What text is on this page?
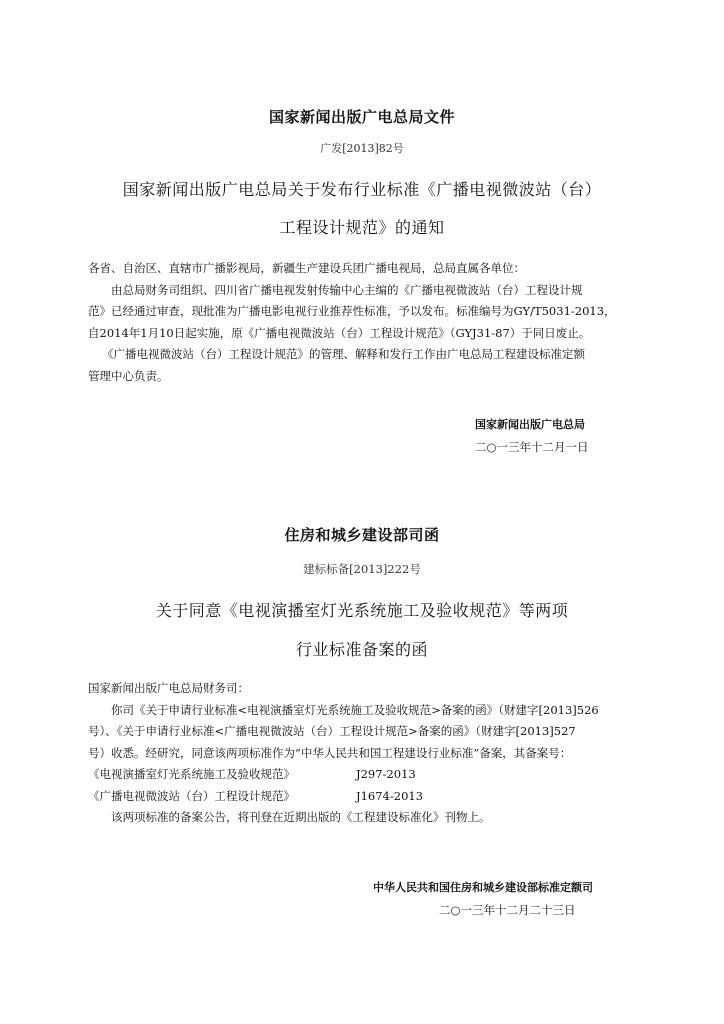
国家新闻出版广电总局文件
广发[2013]82号
国家新闻出版广电总局关于发布行业标准《广播电视微波站（台）
工程设计规范》的通知
各省、自治区、直辖市广播影视局，新疆生产建设兵团广播电视局，总局直属各单位：
由总局财务司组织、四川省广播电视发射传输中心主编的《广播电视微波站（台）工程设计规
范》已经通过审查，现批准为广播电影电视行业推荐性标准，予以发布。标准编号为GY/T5031-2013，
自2014年1月10日起实施，原《广播电视微波站（台）工程设计规范》（GYJ31-87）于同日废止。
《广播电视微波站（台）工程设计规范》的管理、解释和发行工作由广电总局工程建设标准定额
管理中心负责。
国家新闻出版广电总局
二○一三年十二月一日
住房和城乡建设部司函
建标标备[2013]222号
关于同意《电视演播室灯光系统施工及验收规范》等两项
行业标准备案的函
国家新闻出版广电总局财务司：
你司《关于申请行业标准<电视演播室灯光系统施工及验收规范>备案的函》（财建字[2013]526
号）、《关于申请行业标准<广播电视微波站（台）工程设计规范>备案的函》（财建字[2013]527
号）收悉。经研究，同意该两项标准作为“中华人民共和国工程建设行业标准”备案，其备案号：
《电视演播室灯光系统施工及验收规范》	J297-2013
《广播电视微波站（台）工程设计规范》	J1674-2013
该两项标准的备案公告，将刊登在近期出版的《工程建设标准化》刊物上。
中华人民共和国住房和城乡建设部标准定额司
二○一三年十二月二十三日
